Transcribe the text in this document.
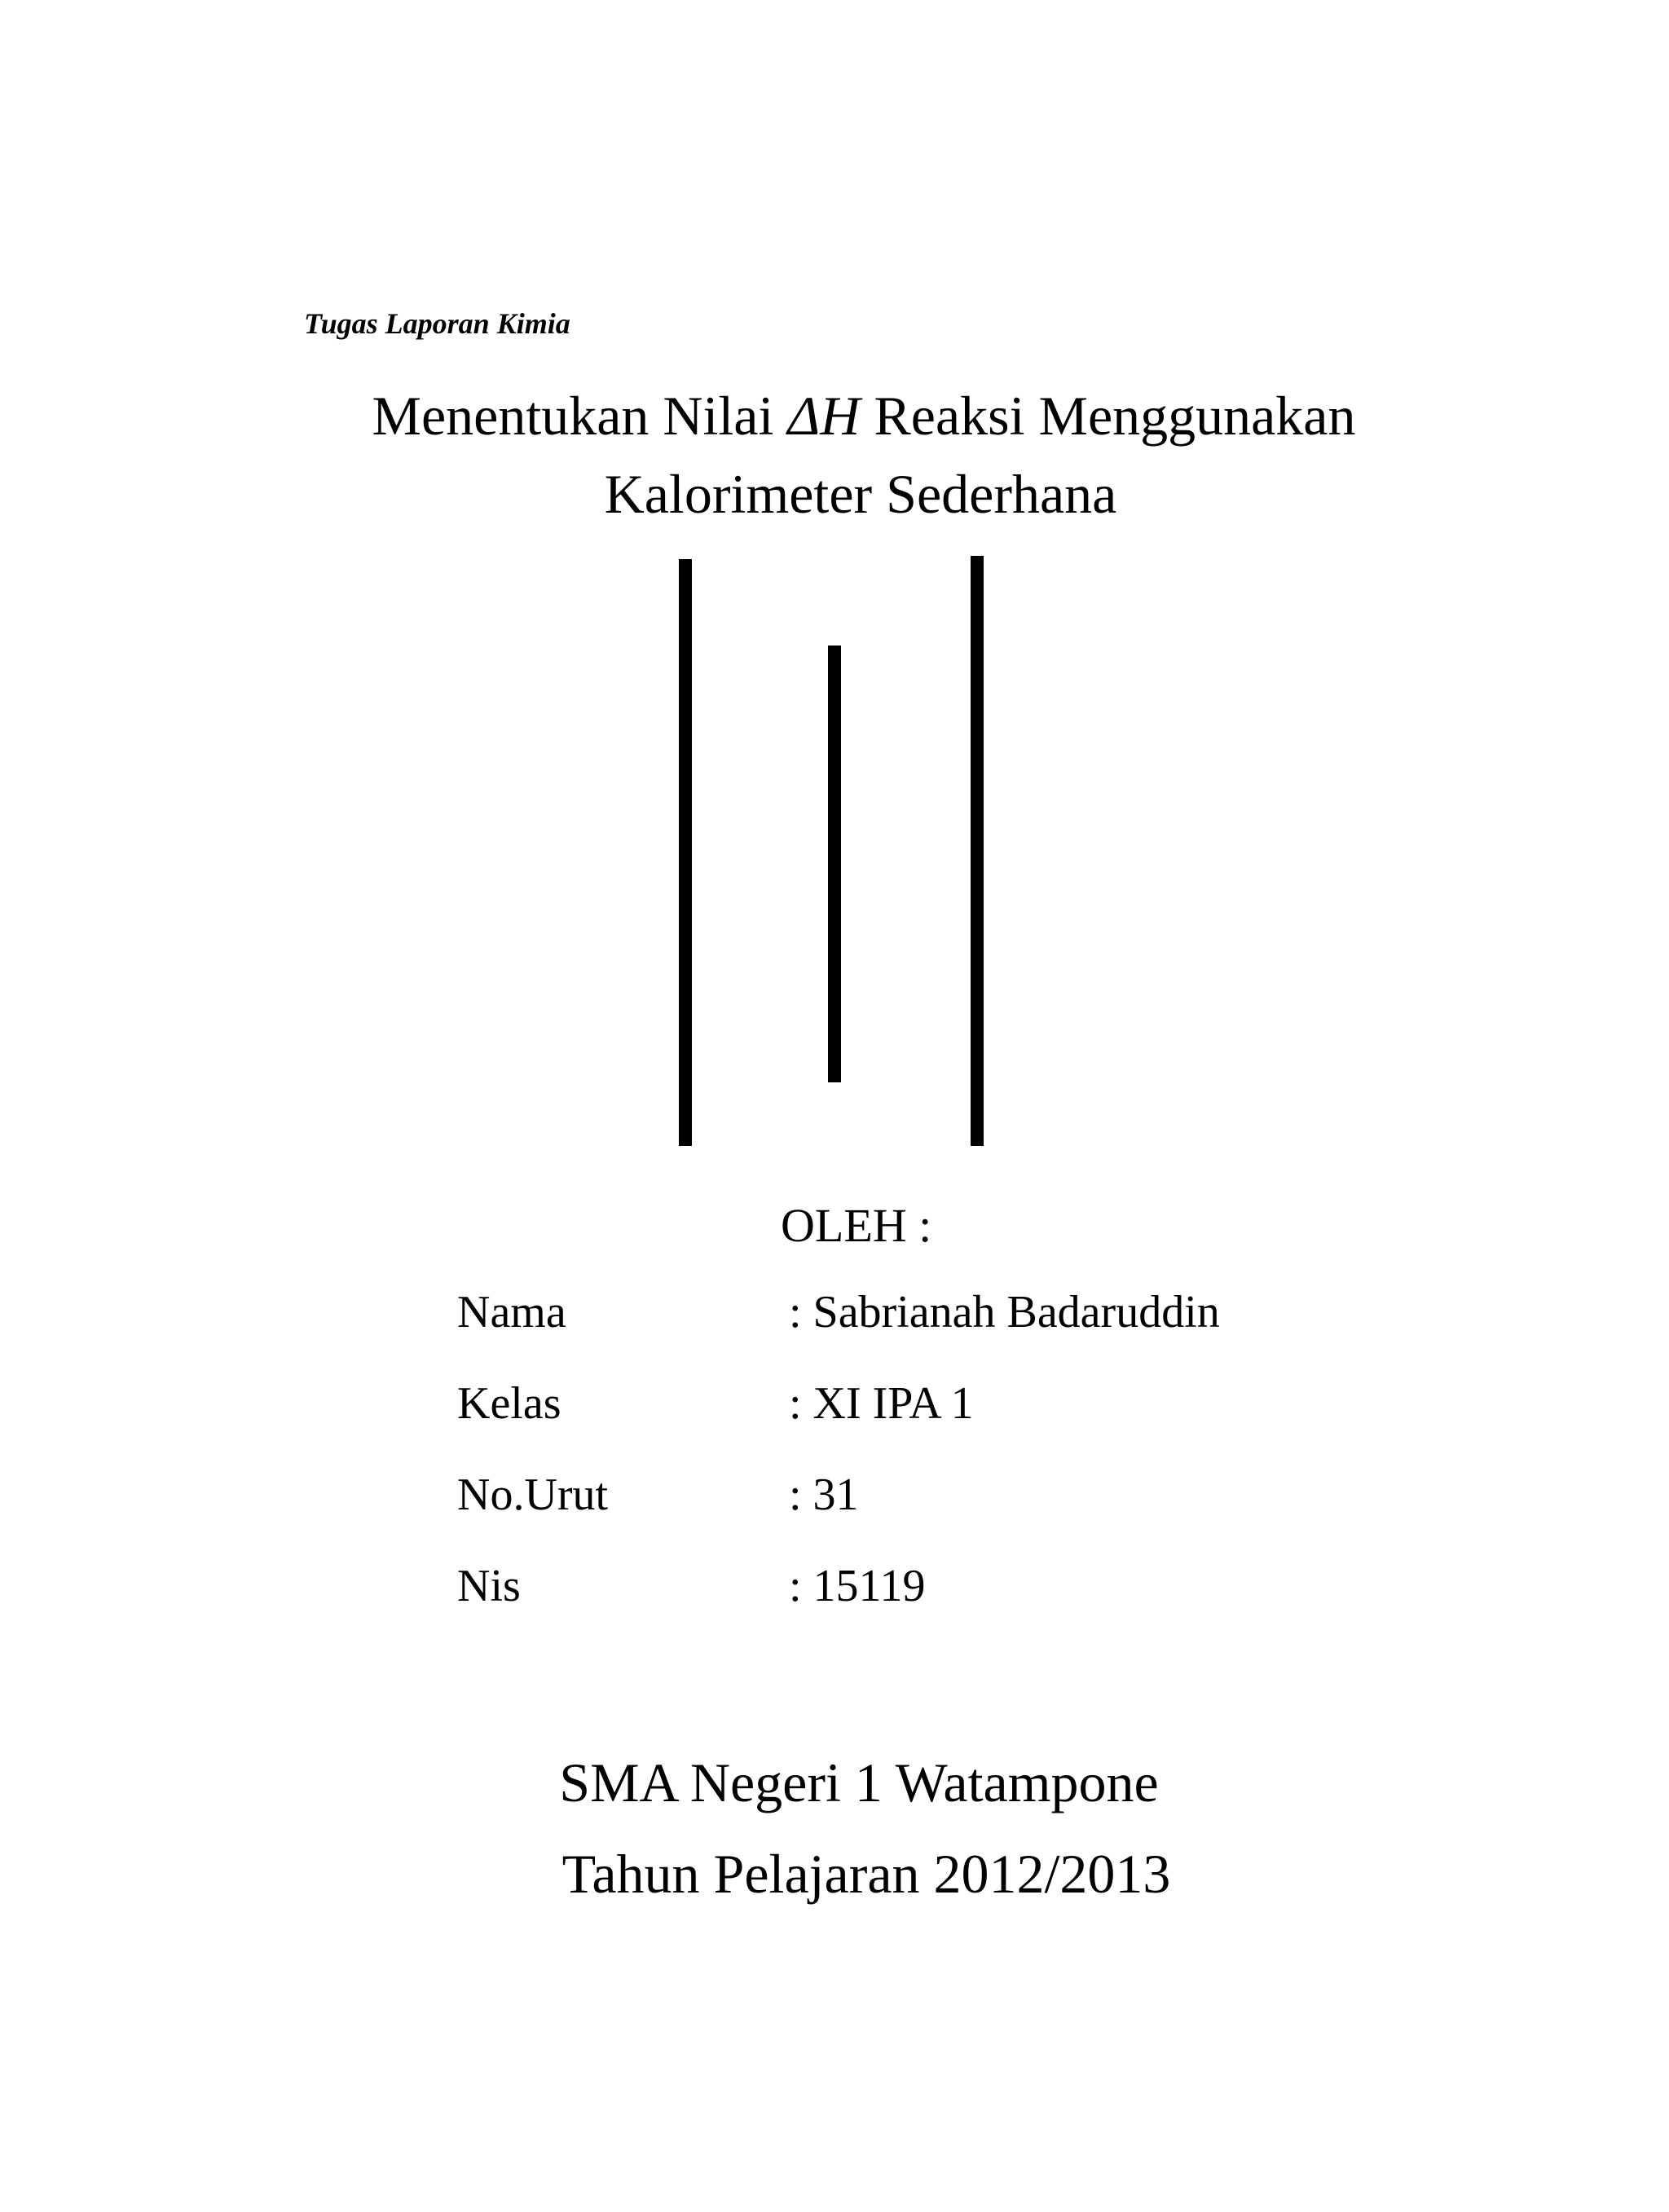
Tugas Laporan Kimia
Menentukan Nilai ΔH Reaksi Menggunakan
Kalorimeter Sederhana
OLEH :
Nama	: Sabrianah Badaruddin
Kelas	: XI IPA 1
No.Urut	: 31
Nis	: 15119
SMA Negeri 1 Watampone
Tahun Pelajaran 2012/2013
